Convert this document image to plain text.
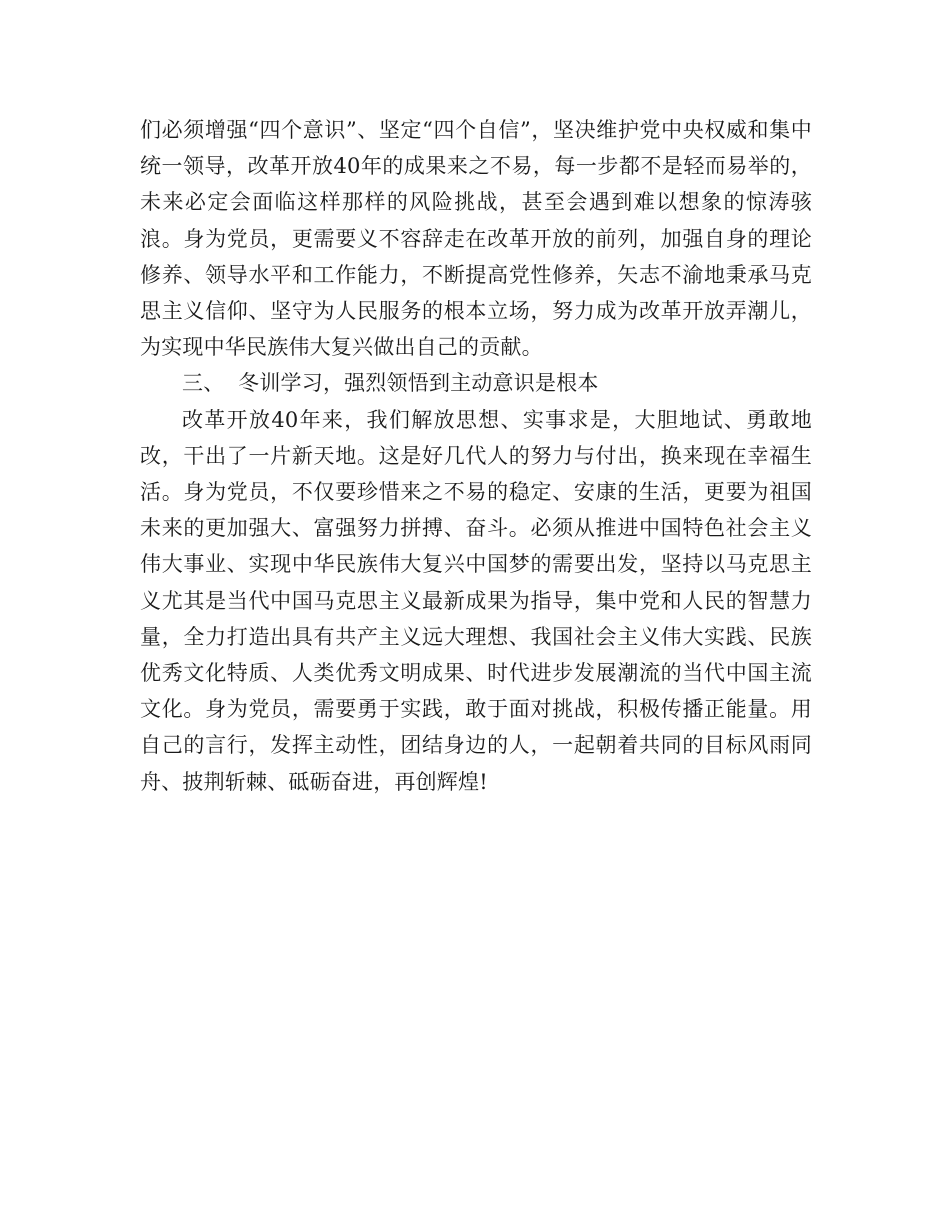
们必须增强“四个意识”、坚定“四个自信”，坚决维护党中央权威和集中统一领导，改革开放40年的成果来之不易，每一步都不是轻而易举的，未来必定会面临这样那样的风险挑战，甚至会遇到难以想象的惊涛骇浪。身为党员，更需要义不容辞走在改革开放的前列，加强自身的理论修养、领导水平和工作能力，不断提高党性修养，矢志不渝地秉承马克思主义信仰、坚守为人民服务的根本立场，努力成为改革开放弄潮儿，为实现中华民族伟大复兴做出自己的贡献。

三、  冬训学习，强烈领悟到主动意识是根本

改革开放40年来，我们解放思想、实事求是，大胆地试、勇敢地改，干出了一片新天地。这是好几代人的努力与付出，换来现在幸福生活。身为党员，不仅要珍惜来之不易的稳定、安康的生活，更要为祖国未来的更加强大、富强努力拼搏、奋斗。必须从推进中国特色社会主义伟大事业、实现中华民族伟大复兴中国梦的需要出发，坚持以马克思主义尤其是当代中国马克思主义最新成果为指导，集中党和人民的智慧力量，全力打造出具有共产主义远大理想、我国社会主义伟大实践、民族优秀文化特质、人类优秀文明成果、时代进步发展潮流的当代中国主流文化。身为党员，需要勇于实践，敢于面对挑战，积极传播正能量。用自己的言行，发挥主动性，团结身边的人，一起朝着共同的目标风雨同舟、披荆斩棘、砥砺奋进，再创辉煌!
